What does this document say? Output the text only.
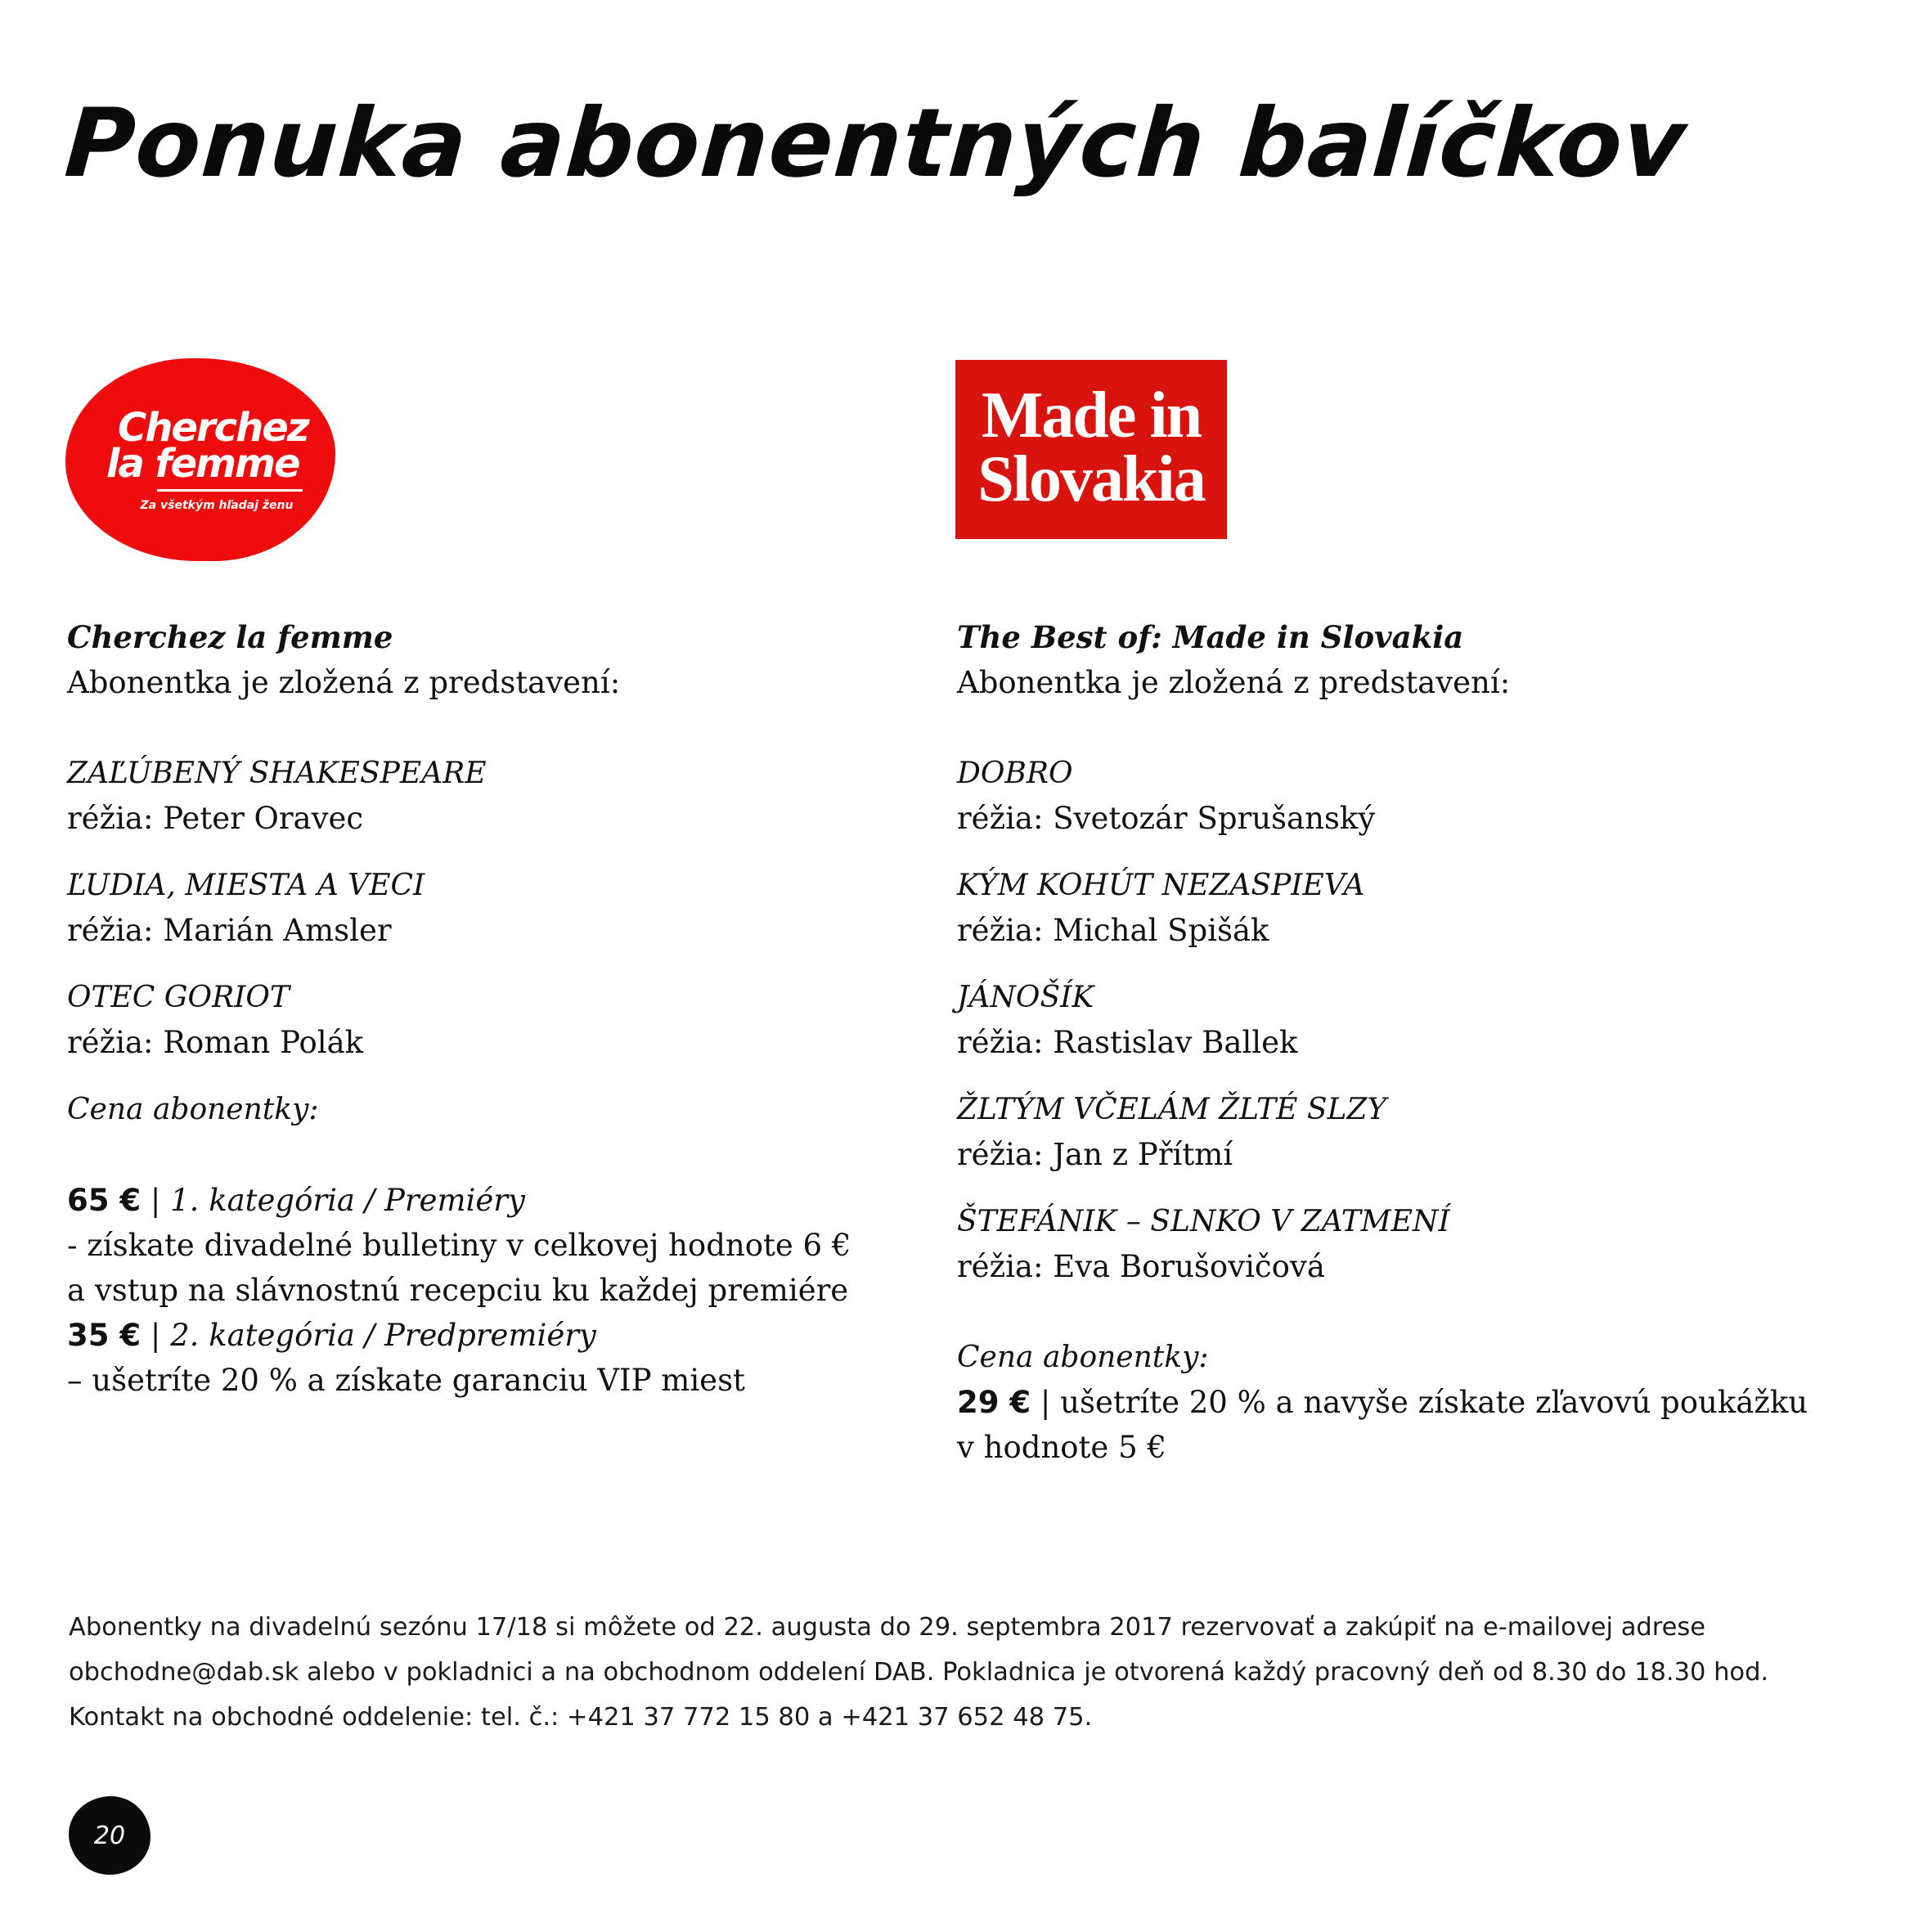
Ponuka abonentných balíčkov
Cherchez
la femme
Za všetkým hľadaj ženu
Made in
Slovakia
Cherchez la femme
Abonentka je zložená z predstavení:
ZAĽÚBENÝ SHAKESPEARE
réžia: Peter Oravec
ĽUDIA, MIESTA A VECI
réžia: Marián Amsler
OTEC GORIOT
réžia: Roman Polák
Cena abonentky:
65 € | 1. kategória / Premiéry
- získate divadelné bulletiny v celkovej hodnote 6 €
a vstup na slávnostnú recepciu ku každej premiére
35 € | 2. kategória / Predpremiéry
– ušetríte 20 % a získate garanciu VIP miest
The Best of: Made in Slovakia
Abonentka je zložená z predstavení:
DOBRO
réžia: Svetozár Sprušanský
KÝM KOHÚT NEZASPIEVA
réžia: Michal Spišák
JÁNOŠÍK
réžia: Rastislav Ballek
ŽLTÝM VČELÁM ŽLTÉ SLZY
réžia: Jan z Přítmí
ŠTEFÁNIK – SLNKO V ZATMENÍ
réžia: Eva Borušovičová
Cena abonentky:
29 € | ušetríte 20 % a navyše získate zľavovú poukážku
v hodnote 5 €
Abonentky na divadelnú sezónu 17/18 si môžete od 22. augusta do 29. septembra 2017 rezervovať a zakúpiť na e-mailovej adrese
obchodne@dab.sk alebo v pokladnici a na obchodnom oddelení DAB. Pokladnica je otvorená každý pracovný deň od 8.30 do 18.30 hod.
Kontakt na obchodné oddelenie: tel. č.: +421 37 772 15 80 a +421 37 652 48 75.
20
